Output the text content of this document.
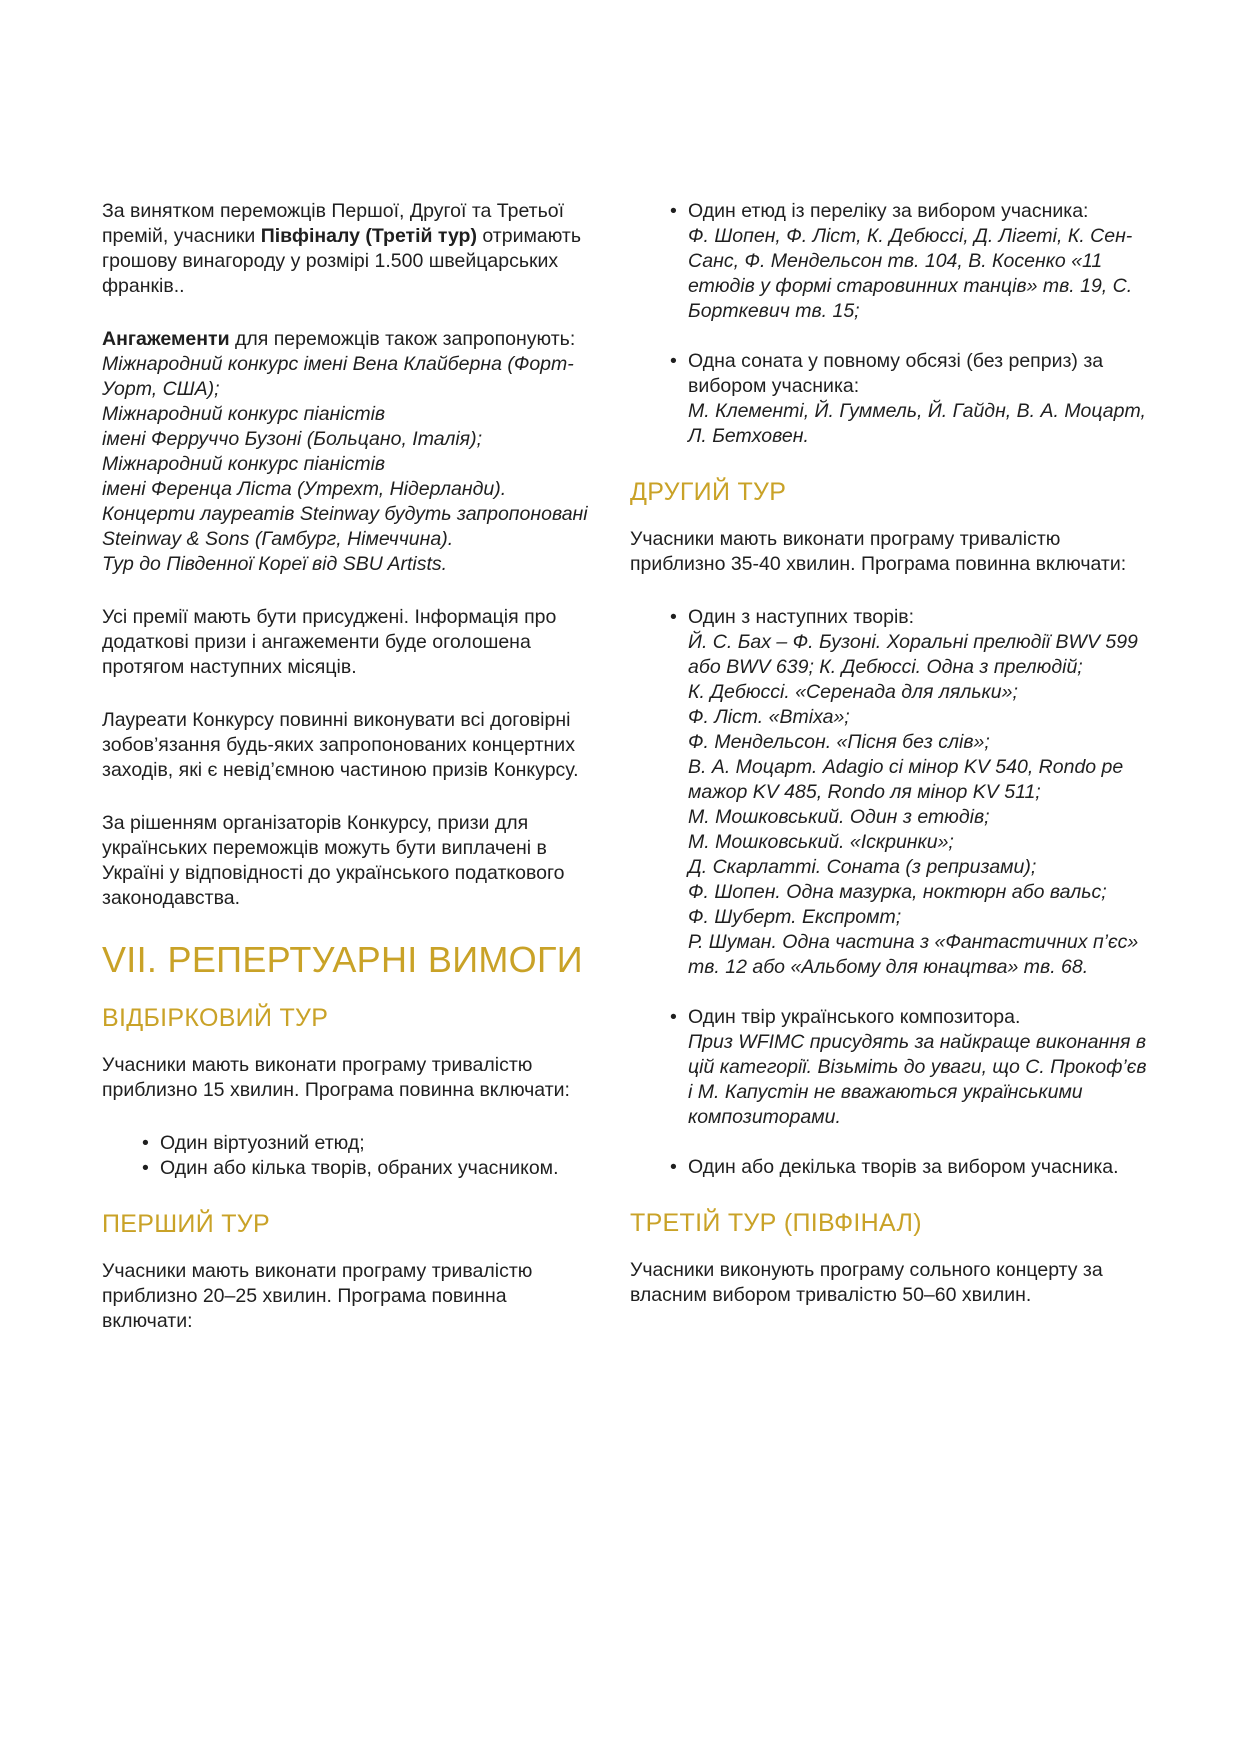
За винятком переможців Першої, Другої та Третьої премій, учасники Півфіналу (Третій тур) отримають грошову винагороду у розмірі 1.500 швейцарських франків..

Ангажементи для переможців також запропонують:
Міжнародний конкурс імені Вена Клайберна (Форт-Уорт, США);
Міжнародний конкурс піаністів
імені Ферруччо Бузоні (Больцано, Італія);
Міжнародний конкурс піаністів
імені Ференца Ліста (Утрехт, Нідерланди).
Концерти лауреатів Steinway будуть запропоновані Steinway & Sons (Гамбург, Німеччина).
Тур до Південної Кореї від SBU Artists.

Усі премії мають бути присуджені. Інформація про додаткові призи і ангажементи буде оголошена протягом наступних місяців.

Лауреати Конкурсу повинні виконувати всі договірні зобов’язання будь-яких запропонованих концертних заходів, які є невід’ємною частиною призів Конкурсу.

За рішенням організаторів Конкурсу, призи для українських переможців можуть бути виплачені в Україні у відповідності до українського податкового законодавства.

VII. РЕПЕРТУАРНІ ВИМОГИ
ВІДБІРКОВИЙ ТУР

Учасники мають виконати програму тривалістю приблизно 15 хвилин. Програма повинна включати:

• Один віртуозний етюд;
• Один або кілька творів, обраних учасником.
ПЕРШИЙ ТУР

Учасники мають виконати програму тривалістю приблизно 20–25 хвилин. Програма повинна включати:

• Один етюд із переліку за вибором учасника:
Ф. Шопен, Ф. Ліст, К. Дебюссі, Д. Лігеті, К. Сен-Санс, Ф. Мендельсон тв. 104, В. Косенко «11 етюдів у формі старовинних танців» тв. 19, С. Борткевич тв. 15;
• Одна соната у повному обсязі (без реприз) за вибором учасника:
М. Клементі, Й. Гуммель, Й. Гайдн, В. А. Моцарт, Л. Бетховен.
ДРУГИЙ ТУР

Учасники мають виконати програму тривалістю приблизно 35-40 хвилин. Програма повинна включати:

• Один з наступних творів:
Й. С. Бах – Ф. Бузоні. Хоральні прелюдії BWV 599 або BWV 639; К. Дебюссі. Одна з прелюдій;
К. Дебюссі. «Серенада для ляльки»;
Ф. Ліст. «Втіха»;
Ф. Мендельсон. «Пісня без слів»;
В. А. Моцарт. Adagio сі мінор KV 540, Rondo ре мажор KV 485, Rondo ля мінор KV 511;
М. Мошковський. Один з етюдів;
М. Мошковський. «Іскринки»;
Д. Скарлатті. Соната (з репризами);
Ф. Шопен. Одна мазурка, ноктюрн або вальс;
Ф. Шуберт. Експромт;
Р. Шуман. Одна частина з «Фантастичних п’єс» тв. 12 або «Альбому для юнацтва» тв. 68.
• Один твір українського композитора.
Приз WFIMC присудять за найкраще виконання в цій категорії. Візьміть до уваги, що С. Прокоф’єв і М. Капустін не вважаються українськими композиторами.
• Один або декілька творів за вибором учасника.
ТРЕТІЙ ТУР (ПІВФІНАЛ)

Учасники виконують програму сольного концерту за власним вибором тривалістю 50–60 хвилин.
